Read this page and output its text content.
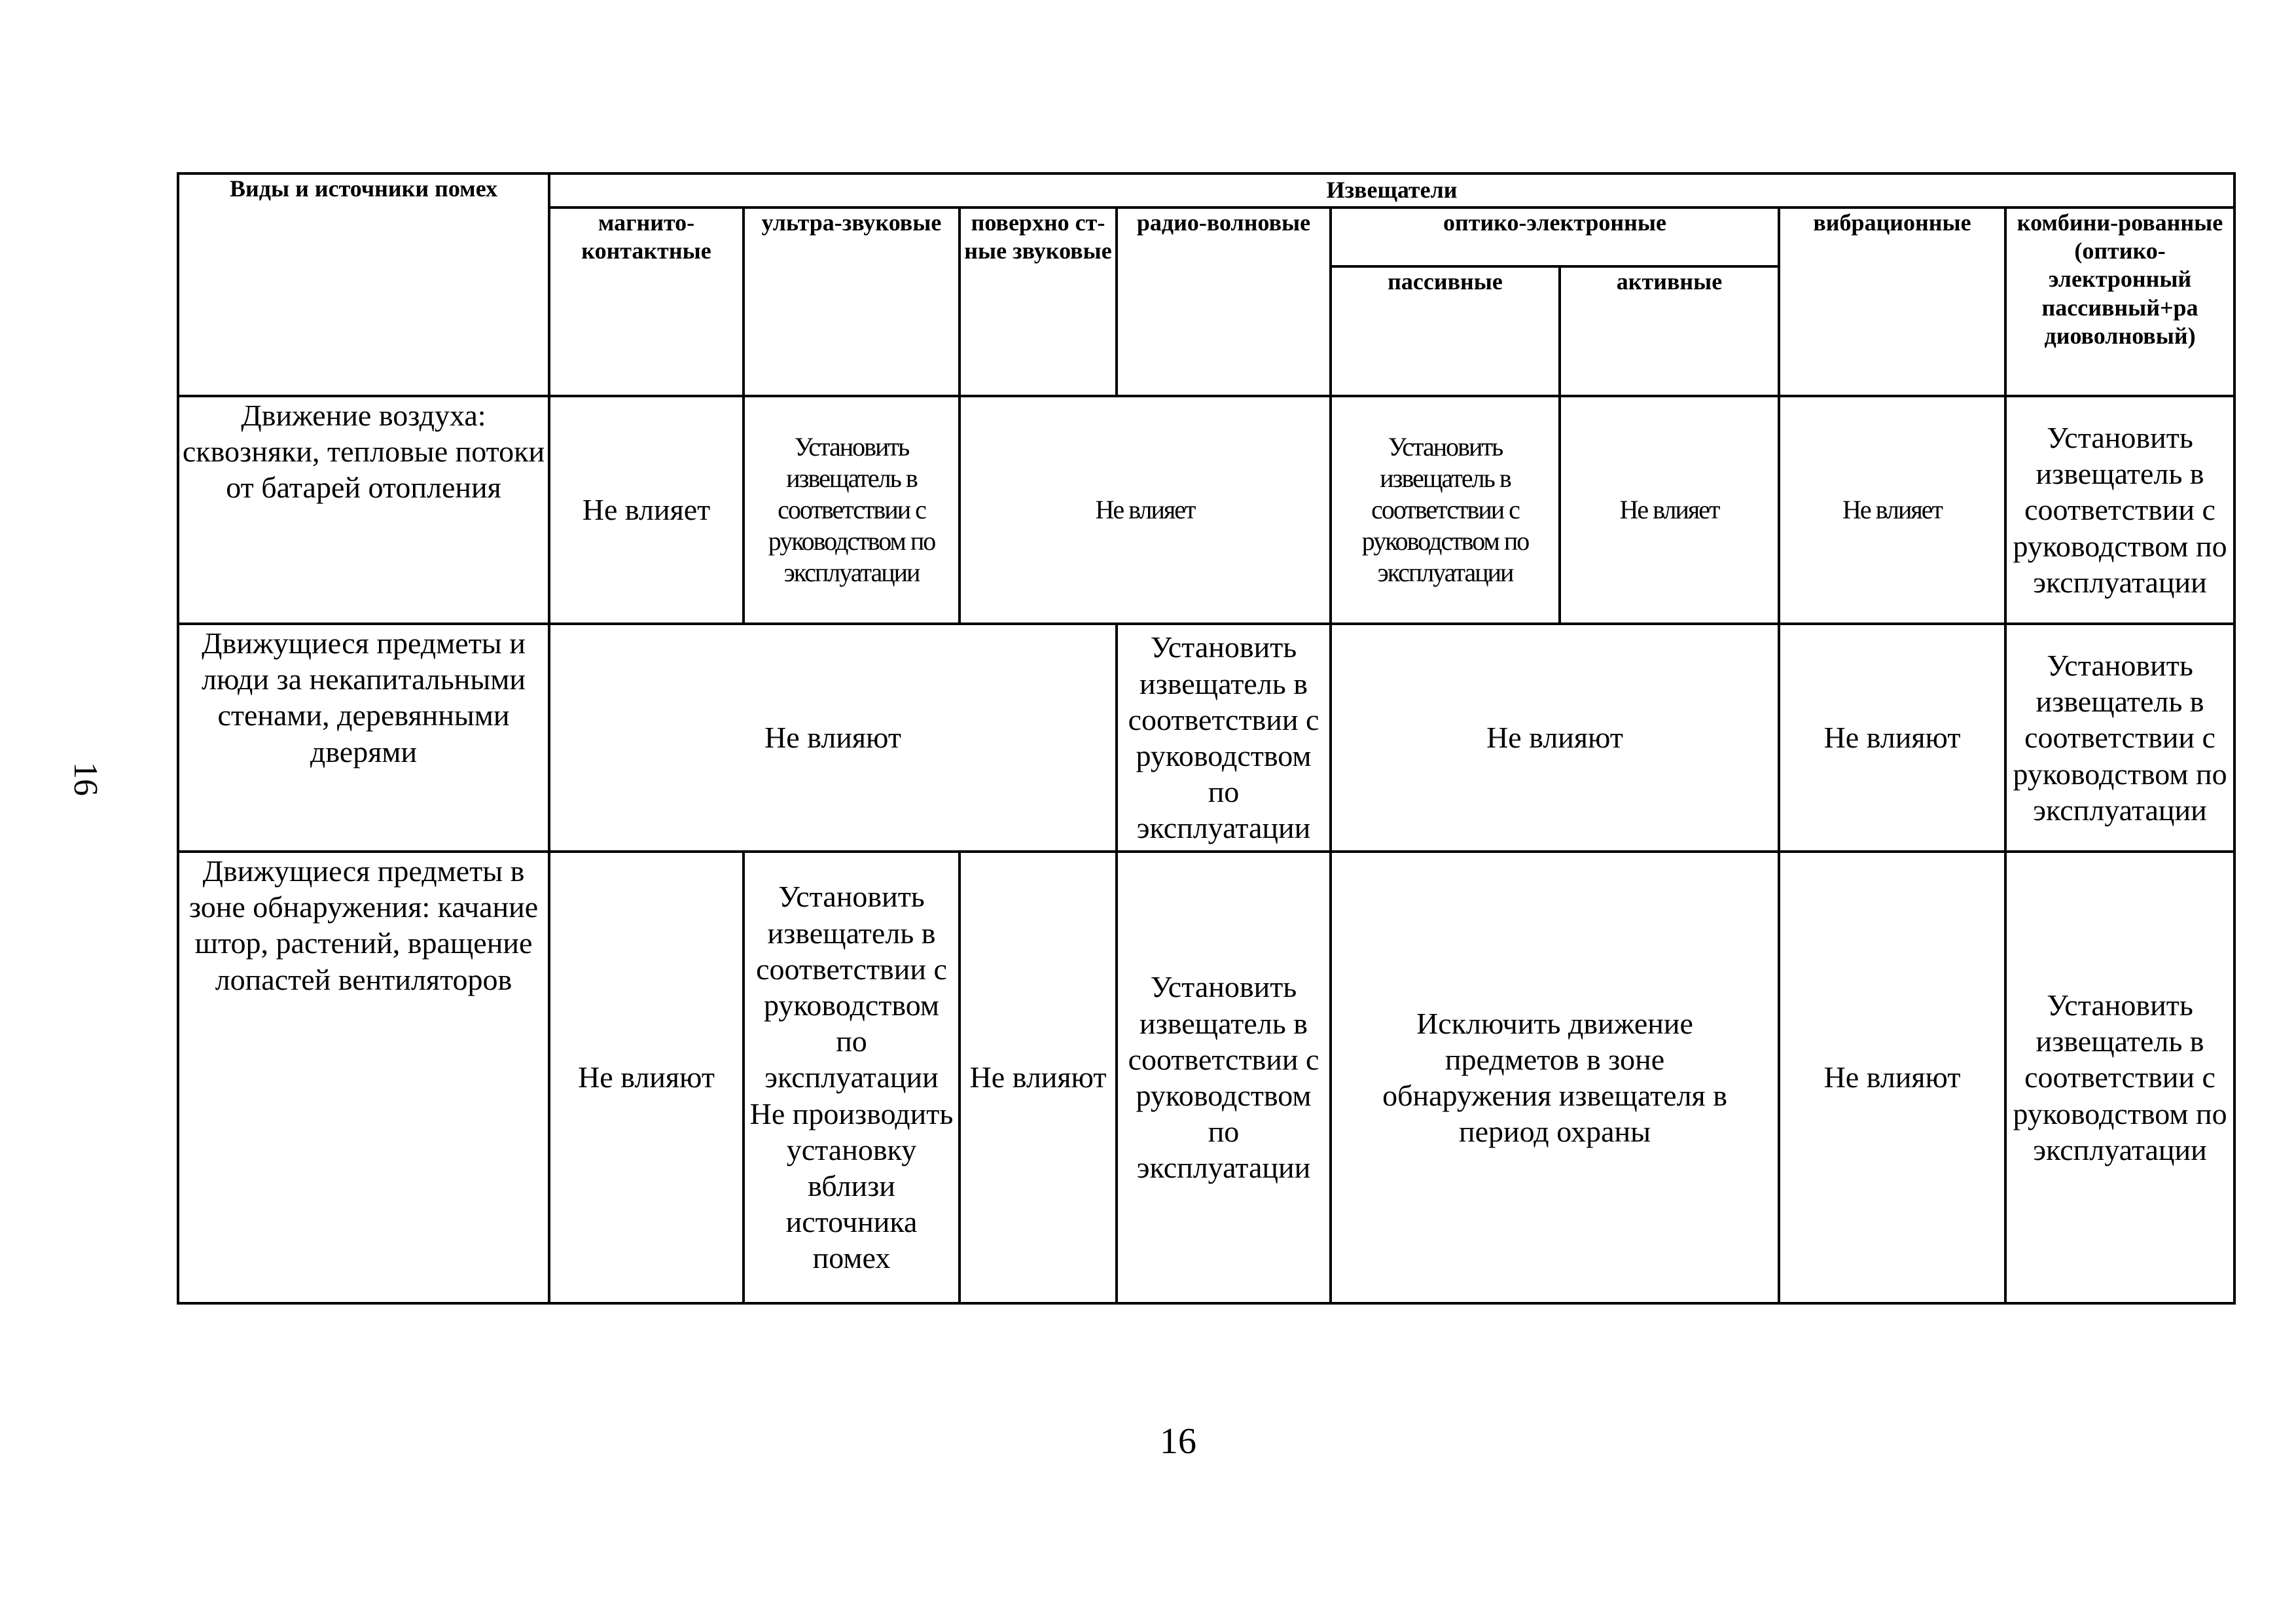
16
Виды и источники помех	Извещатели							
	магнито-контактные	ультра-звуковые	поверхно ст-ные звуковые	радио-волновые	оптико-электронные		вибрационные	комбини-рованные (оптико-электронный пассивный+ра диоволновый)
					пассивные	активные		
Движение воздуха: сквозняки, тепловые потоки от батарей отопления	Не влияет	Установить извещатель в соответствии с руководством по эксплуатации	Не влияет		Установить извещатель в соответствии с руководством по эксплуатации	Не влияет	Не влияет	Установить извещатель в соответствии с руководством по эксплуатации
Движущиеся предметы и люди за некапитальными стенами, деревянными дверями	Не влияют			Установить извещатель в соответствии с руководством по эксплуатации	Не влияют		Не влияют	Установить извещатель в соответствии с руководством по эксплуатации
Движущиеся предметы в зоне обнаружения: качание штор, растений, вращение лопастей вентиляторов	Не влияют	Установить извещатель в соответствии с руководством по эксплуатации Не производить установку вблизи источника помех	Не влияют	Установить извещатель в соответствии с руководством по эксплуатации	Исключить движение предметов в зоне обнаружения извещателя в период охраны		Не влияют	Установить извещатель в соответствии с руководством по эксплуатации
16
